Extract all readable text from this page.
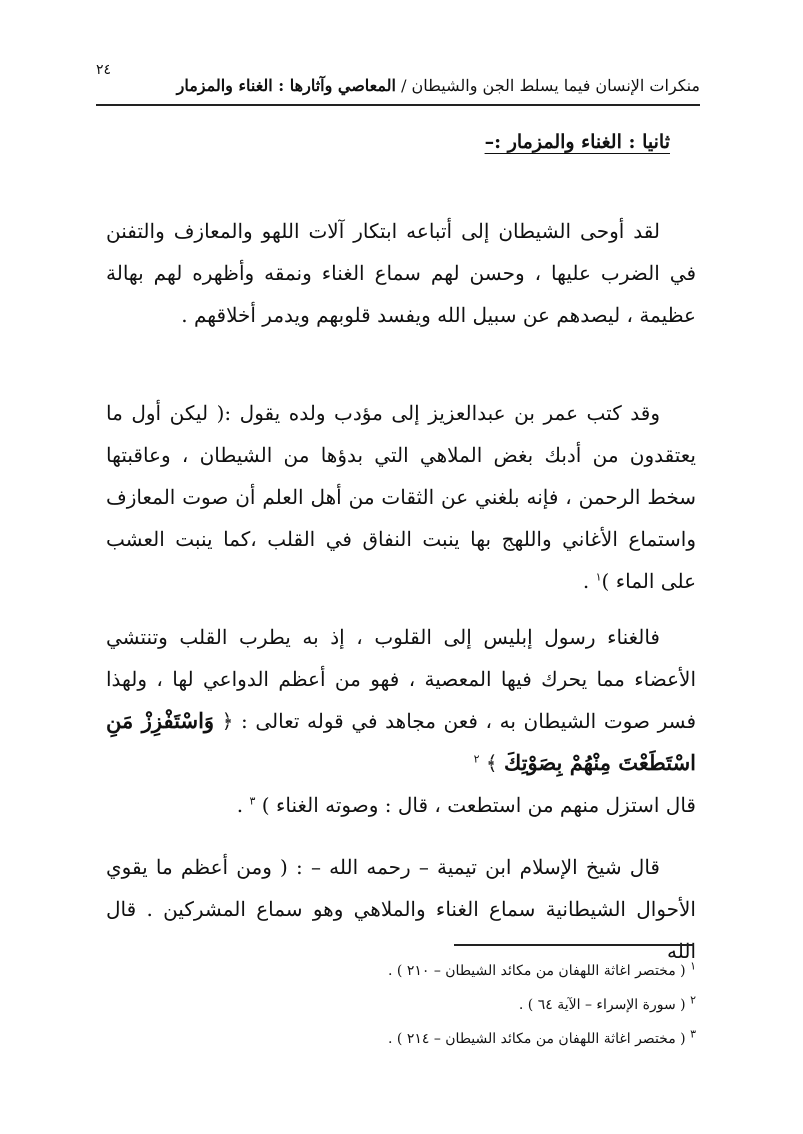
٢٤
منكرات الإنسان فيما يسلط الجن والشيطان / المعاصي وآثارها : الغناء والمزمار
ثانيا : الغناء والمزمار :–

لقد أوحى الشيطان إلى أتباعه ابتكار آلات اللهو والمعازف والتفنن في الضرب عليها ، وحسن لهم سماع الغناء ونمقه وأظهره لهم بهالة عظيمة ، ليصدهم عن سبيل الله ويفسد قلوبهم ويدمر أخلاقهم .

وقد كتب عمر بن عبدالعزيز إلى مؤدب ولده يقول :( ليكن أول ما يعتقدون من أدبك بغض الملاهي التي بدؤها من الشيطان ، وعاقبتها سخط الرحمن ، فإنه بلغني عن الثقات من أهل العلم أن صوت المعازف واستماع الأغاني واللهج بها ينبت النفاق في القلب ،كما ينبت العشب على الماء )$^١$ .

فالغناء رسول إبليس إلى القلوب ، إذ به يطرب القلب وتنتشي الأعضاء مما يحرك فيها المعصية ، فهو من أعظم الدواعي لها ، ولهذا فسر صوت الشيطان به ، فعن مجاهد في قوله تعالى : ﴿ وَاسْتَفْزِزْ مَنِ اسْتَطَعْتَ مِنْهُمْ بِصَوْتِكَ ﴾ $^٢$

قال استزل منهم من استطعت ، قال : وصوته الغناء ) $^٣$ .

قال شيخ الإسلام ابن تيمية – رحمه الله – : ( ومن أعظم ما يقوي الأحوال الشيطانية سماع الغناء والملاهي وهو سماع المشركين . قال الله

$^١$ ( مختصر اغاثة اللهفان من مكائد الشيطان – ٢١٠ ) .
$^٢$ ( سورة الإسراء – الآية ٦٤ ) .
$^٣$ ( مختصر اغاثة اللهفان من مكائد الشيطان – ٢١٤ ) .
